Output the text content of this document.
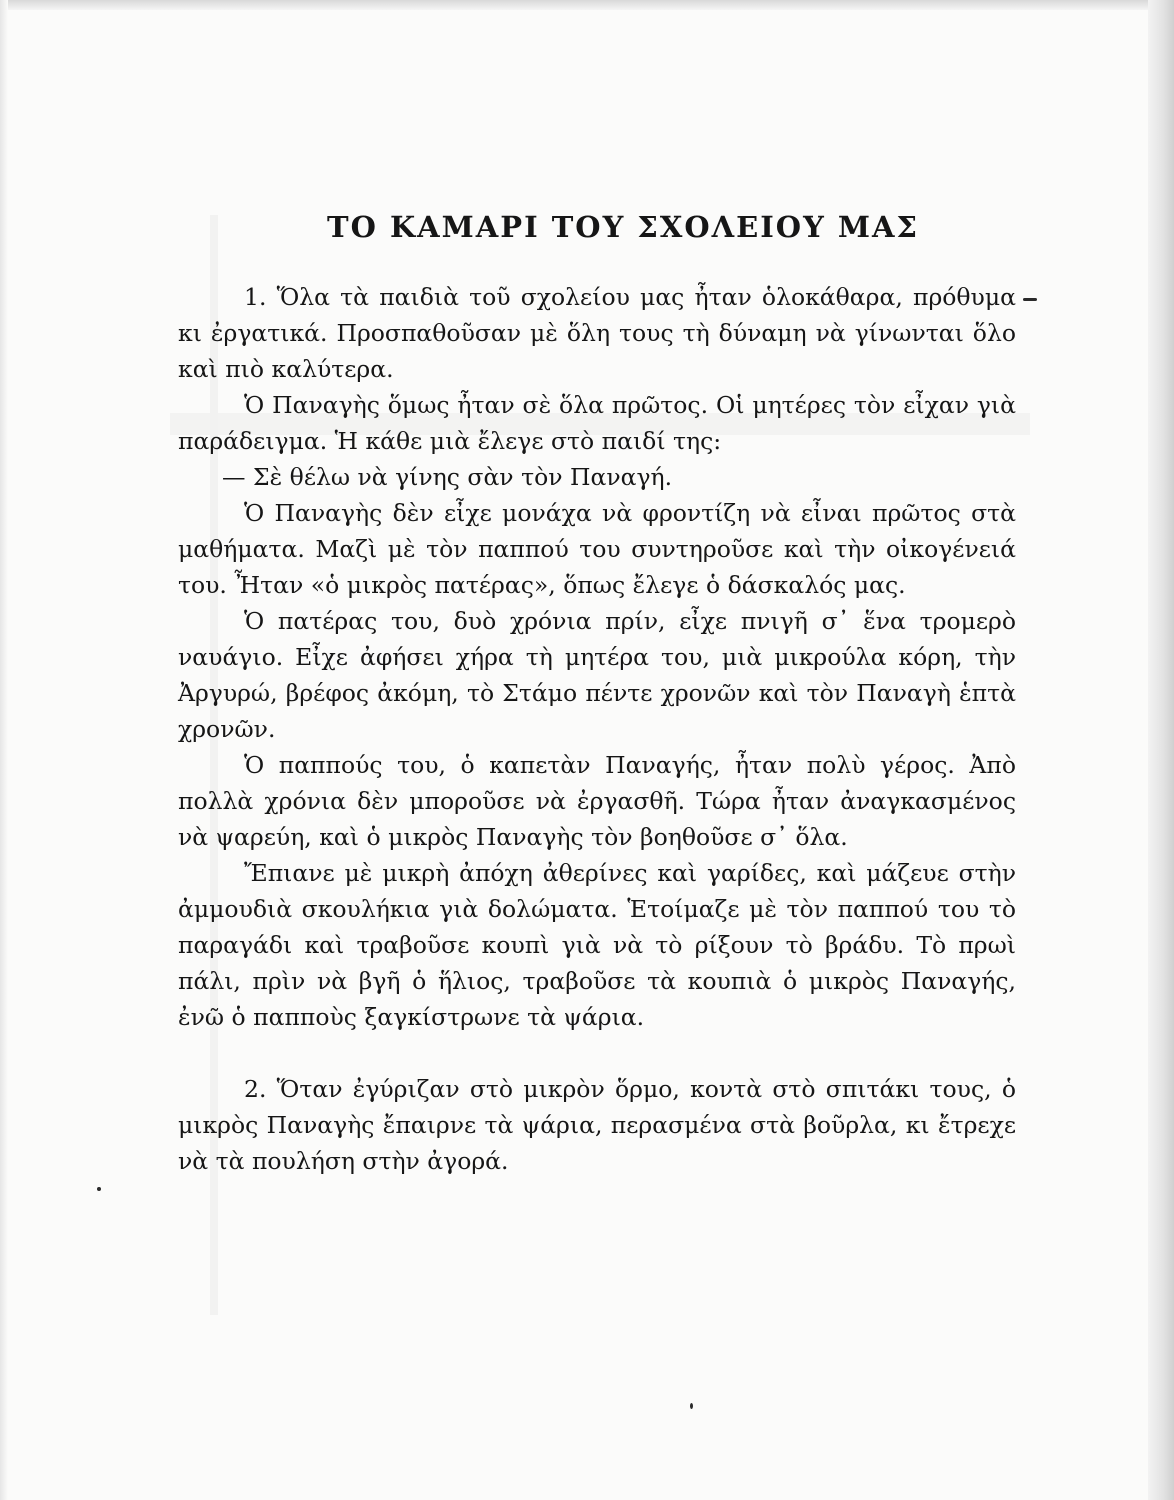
ΤΟ ΚΑΜΑΡΙ ΤΟΥ ΣΧΟΛΕΙΟΥ ΜΑΣ

1. Ὅλα τὰ παιδιὰ τοῦ σχολείου μας ἦταν ὁλοκάθαρα, πρόθυμα κι ἐργατικά. Προσπαθοῦσαν μὲ ὅλη τους τὴ δύναμη νὰ γίνωνται ὅλο καὶ πιὸ καλύτερα.

Ὁ Παναγὴς ὅμως ἦταν σὲ ὅλα πρῶτος. Οἱ μητέρες τὸν εἶχαν γιὰ παράδειγμα. Ἡ κάθε μιὰ ἔλεγε στὸ παιδί της:

— Σὲ θέλω νὰ γίνης σὰν τὸν Παναγή.

Ὁ Παναγὴς δὲν εἶχε μονάχα νὰ φροντίζη νὰ εἶναι πρῶτος στὰ μαθήματα. Μαζὶ μὲ τὸν παππού του συντηροῦσε καὶ τὴν οἰκογένειά του. Ἦταν «ὁ μικρὸς πατέρας», ὅπως ἔλεγε ὁ δάσκαλός μας.

Ὁ πατέρας του, δυὸ χρόνια πρίν, εἶχε πνιγῆ σ᾽ ἕνα τρομερὸ ναυάγιο. Εἶχε ἀφήσει χήρα τὴ μητέρα του, μιὰ μικρούλα κόρη, τὴν Ἀργυρώ, βρέφος ἀκόμη, τὸ Στάμο πέντε χρονῶν καὶ τὸν Παναγὴ ἑπτὰ χρονῶν.

Ὁ παππούς του, ὁ καπετὰν Παναγής, ἦταν πολὺ γέρος. Ἀπὸ πολλὰ χρόνια δὲν μποροῦσε νὰ ἐργασθῆ. Τώρα ἦταν ἀναγκασμένος νὰ ψαρεύη, καὶ ὁ μικρὸς Παναγὴς τὸν βοηθοῦσε σ᾽ ὅλα.

Ἔπιανε μὲ μικρὴ ἀπόχη ἀθερίνες καὶ γαρίδες, καὶ μάζευε στὴν ἀμμουδιὰ σκουλήκια γιὰ δολώματα. Ἑτοίμαζε μὲ τὸν παππού του τὸ παραγάδι καὶ τραβοῦσε κουπὶ γιὰ νὰ τὸ ρίξουν τὸ βράδυ. Τὸ πρωὶ πάλι, πρὶν νὰ βγῆ ὁ ἥλιος, τραβοῦσε τὰ κουπιὰ ὁ μικρὸς Παναγής, ἐνῶ ὁ παπποὺς ξαγκίστρωνε τὰ ψάρια.

2. Ὅταν ἐγύριζαν στὸ μικρὸν ὅρμο, κοντὰ στὸ σπιτάκι τους, ὁ μικρὸς Παναγὴς ἔπαιρνε τὰ ψάρια, περασμένα στὰ βοῦρλα, κι ἔτρεχε νὰ τὰ πουλήση στὴν ἀγορά.
